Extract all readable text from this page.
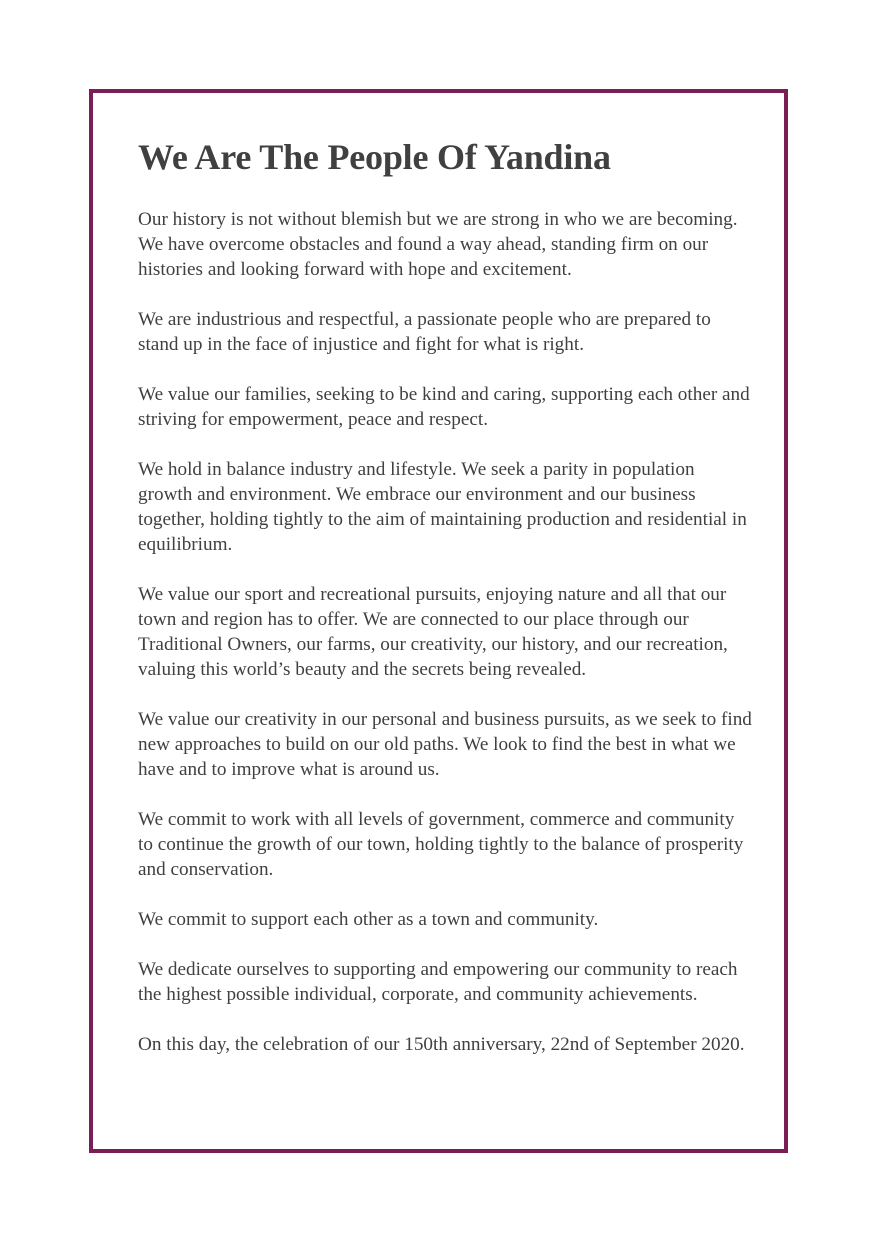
We Are The People Of Yandina

Our history is not without blemish but we are strong in who we are becoming. We have overcome obstacles and found a way ahead, standing firm on our histories and looking forward with hope and excitement.

We are industrious and respectful, a passionate people who are prepared to stand up in the face of injustice and fight for what is right.

We value our families, seeking to be kind and caring, supporting each other and striving for empowerment, peace and respect.

We hold in balance industry and lifestyle. We seek a parity in population growth and environment. We embrace our environment and our business together, holding tightly to the aim of maintaining production and residential in equilibrium.

We value our sport and recreational pursuits, enjoying nature and all that our town and region has to offer. We are connected to our place through our Traditional Owners, our farms, our creativity, our history, and our recreation, valuing this world’s beauty and the secrets being revealed.

We value our creativity in our personal and business pursuits, as we seek to find new approaches to build on our old paths. We look to find the best in what we have and to improve what is around us.

We commit to work with all levels of government, commerce and community to continue the growth of our town, holding tightly to the balance of prosperity and conservation.

We commit to support each other as a town and community.

We dedicate ourselves to supporting and empowering our community to reach the highest possible individual, corporate, and community achievements.

On this day, the celebration of our 150th anniversary, 22nd of September 2020.
